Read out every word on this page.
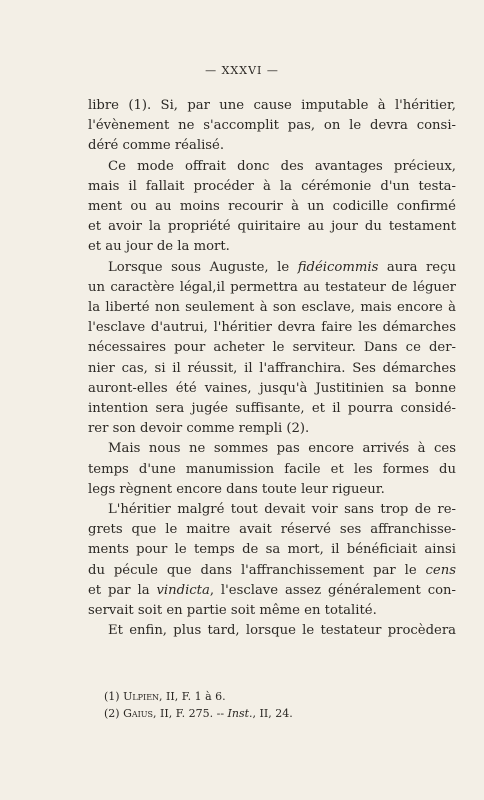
— XXXVI —
libre (1). Si, par une cause imputable à l'héritier,
l'évènement ne s'accomplit pas, on le devra consi-
déré comme réalisé.
Ce mode offrait donc des avantages précieux,
mais il fallait procéder à la cérémonie d'un testa-
ment ou au moins recourir à un codicille confirmé
et avoir la propriété quiritaire au jour du testament
et au jour de la mort.
Lorsque sous Auguste, le fidéicommis aura reçu
un caractère légal,il permettra au testateur de léguer
la liberté non seulement à son esclave, mais encore à
l'esclave d'autrui, l'héritier devra faire les démarches
nécessaires pour acheter le serviteur. Dans ce der-
nier cas, si il réussit, il l'affranchira. Ses démarches
auront-elles été vaines, jusqu'à Justitinien sa bonne
intention sera jugée suffisante, et il pourra considé-
rer son devoir comme rempli (2).
Mais nous ne sommes pas encore arrivés à ces
temps d'une manumission facile et les formes du
legs règnent encore dans toute leur rigueur.
L'héritier malgré tout devait voir sans trop de re-
grets que le maitre avait réservé ses affranchisse-
ments pour le temps de sa mort, il bénéficiait ainsi
du pécule que dans l'affranchissement par le cens
et par la vindicta, l'esclave assez généralement con-
servait soit en partie soit même en totalité.
Et enfin, plus tard, lorsque le testateur procèdera
(1) Ulpien, II, F. 1 à 6.
(2) Gaius, II, F. 275. -- Inst., II, 24.
